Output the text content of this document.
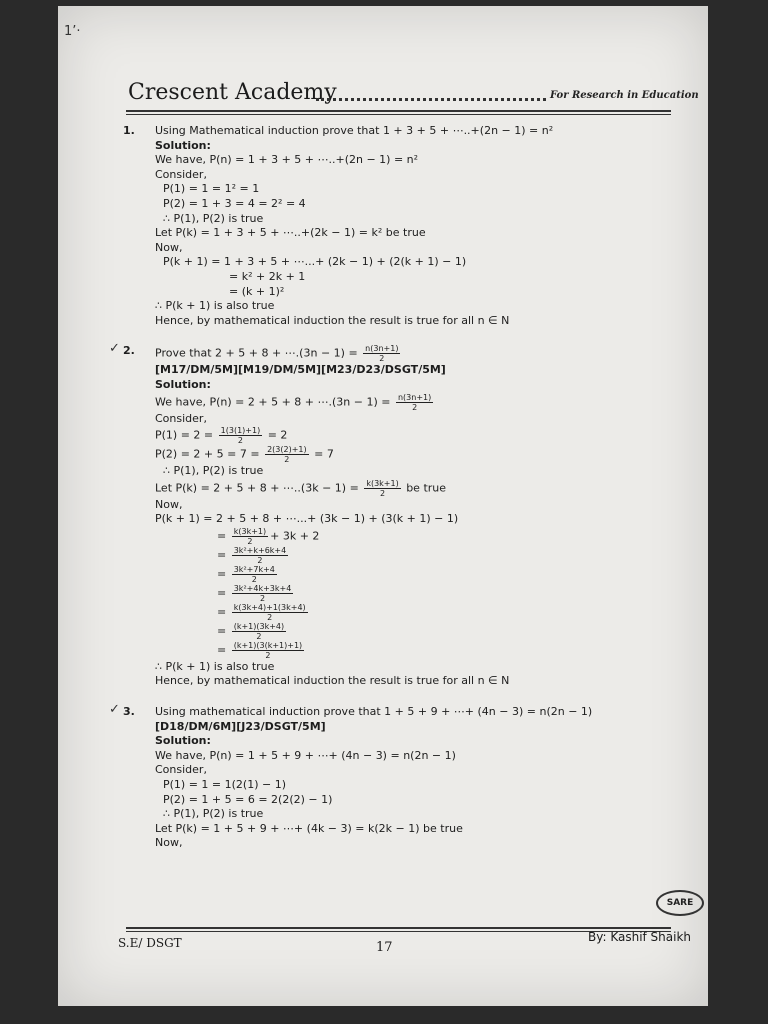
1’·
Crescent Academy	For Research in Education
1.	Using Mathematical induction prove that 1 + 3 + 5 + ⋯..+(2n − 1) = n²
Solution:
We have, P(n) = 1 + 3 + 5 + ⋯..+(2n − 1) = n²
Consider,
P(1) = 1 = 1² = 1
P(2) = 1 + 3 = 4 = 2² = 4
∴ P(1), P(2) is true
Let P(k) = 1 + 3 + 5 + ⋯..+(2k − 1) = k² be true
Now,
P(k + 1) = 1 + 3 + 5 + ⋯...+ (2k − 1) + (2(k + 1) − 1)
= k² + 2k + 1
= (k + 1)²
∴ P(k + 1) is also true
Hence, by mathematical induction the result is true for all n ∈ N
✓ 2.	Prove that 2 + 5 + 8 + ⋯.(3n − $1) = \frac{n(3n+1)}{2}$
[M17/DM/5M][M19/DM/5M][M23/D23/DSGT/5M]
Solution:
We have, P(n) = 2 + 5 + 8 + ⋯.(3n − $1) = \frac{n(3n+1)}{2}$
Consider,
$P(1) = 2 = \frac{1(3(1)+1)}{2} = 2$
$P(2) = 2 + 5 = 7 = \frac{2(3(2)+1)}{2} = 7$
∴ P(1), P(2) is true
Let P(k) = 2 + 5 + 8 + ⋯..(3k − $1) = \frac{k(3k+1)}{2}$ be true
Now,
P(k + 1) = 2 + 5 + 8 + ⋯...+ (3k − 1) + (3(k + 1) − 1)
= $\frac{k(3k+1)}{2} + 3k + 2$
= $\frac{\text{3k²+k+6k+4}}{2}$
= $\frac{\text{3k²+7k+4}}{2}$
= $\frac{\text{3k²+4k+3k+4}}{2}$
= $\frac{k(3k+4)+1(3k+4)}{2}$
= $\frac{(k+1)(3k+4)}{2}$
= $\frac{(k+1)(3(k+1)+1)}{2}$
∴ P(k + 1) is also true
Hence, by mathematical induction the result is true for all n ∈ N
✓ 3.	Using mathematical induction prove that 1 + 5 + 9 + ⋯+ (4n − 3) = n(2n − 1)
[D18/DM/6M][J23/DSGT/5M]
Solution:
We have, P(n) = 1 + 5 + 9 + ⋯+ (4n − 3) = n(2n − 1)
Consider,
P(1) = 1 = 1(2(1) − 1)
P(2) = 1 + 5 = 6 = 2(2(2) − 1)
∴ P(1), P(2) is true
Let P(k) = 1 + 5 + 9 + ⋯+ (4k − 3) = k(2k − 1) be true
Now,
SARE
S.E/ DSGT	17
By: Kashif Shaikh
